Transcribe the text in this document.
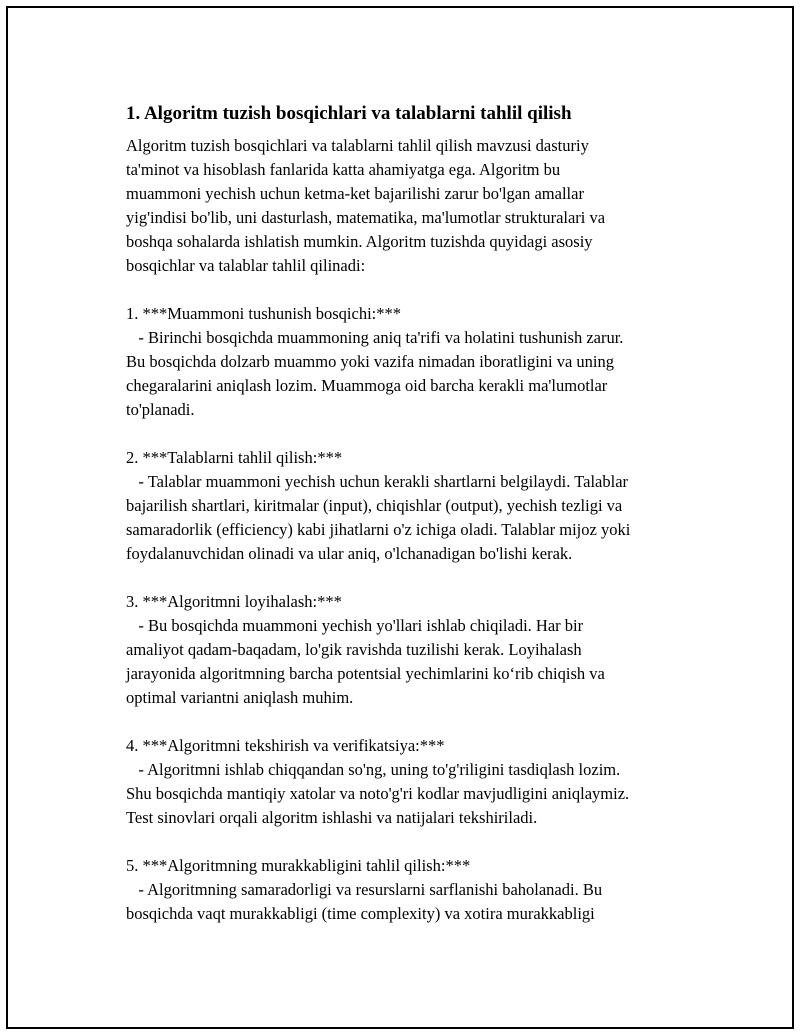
1. Algoritm tuzish bosqichlari va talablarni tahlil qilish

Algoritm tuzish bosqichlari va talablarni tahlil qilish mavzusi dasturiy
ta'minot va hisoblash fanlarida katta ahamiyatga ega. Algoritm bu
muammoni yechish uchun ketma-ket bajarilishi zarur bo'lgan amallar
yig'indisi bo'lib, uni dasturlash, matematika, ma'lumotlar strukturalari va
boshqa sohalarda ishlatish mumkin. Algoritm tuzishda quyidagi asosiy
bosqichlar va talablar tahlil qilinadi:

1. ***Muammoni tushunish bosqichi:***

- Birinchi bosqichda muammoning aniq ta'rifi va holatini tushunish zarur.
Bu bosqichda dolzarb muammo yoki vazifa nimadan iboratligini va uning
chegaralarini aniqlash lozim. Muammoga oid barcha kerakli ma'lumotlar
to'planadi.

2. ***Talablarni tahlil qilish:***

- Talablar muammoni yechish uchun kerakli shartlarni belgilaydi. Talablar
bajarilish shartlari, kiritmalar (input), chiqishlar (output), yechish tezligi va
samaradorlik (efficiency) kabi jihatlarni o'z ichiga oladi. Talablar mijoz yoki
foydalanuvchidan olinadi va ular aniq, o'lchanadigan bo'lishi kerak.

3. ***Algoritmni loyihalash:***

- Bu bosqichda muammoni yechish yo'llari ishlab chiqiladi. Har bir
amaliyot qadam-baqadam, lo'gik ravishda tuzilishi kerak. Loyihalash
jarayonida algoritmning barcha potentsial yechimlarini ko‘rib chiqish va
optimal variantni aniqlash muhim.

4. ***Algoritmni tekshirish va verifikatsiya:***

- Algoritmni ishlab chiqqandan so'ng, uning to'g'riligini tasdiqlash lozim.
Shu bosqichda mantiqiy xatolar va noto'g'ri kodlar mavjudligini aniqlaymiz.
Test sinovlari orqali algoritm ishlashi va natijalari tekshiriladi.

5. ***Algoritmning murakkabligini tahlil qilish:***

- Algoritmning samaradorligi va resurslarni sarflanishi baholanadi. Bu
bosqichda vaqt murakkabligi (time complexity) va xotira murakkabligi
